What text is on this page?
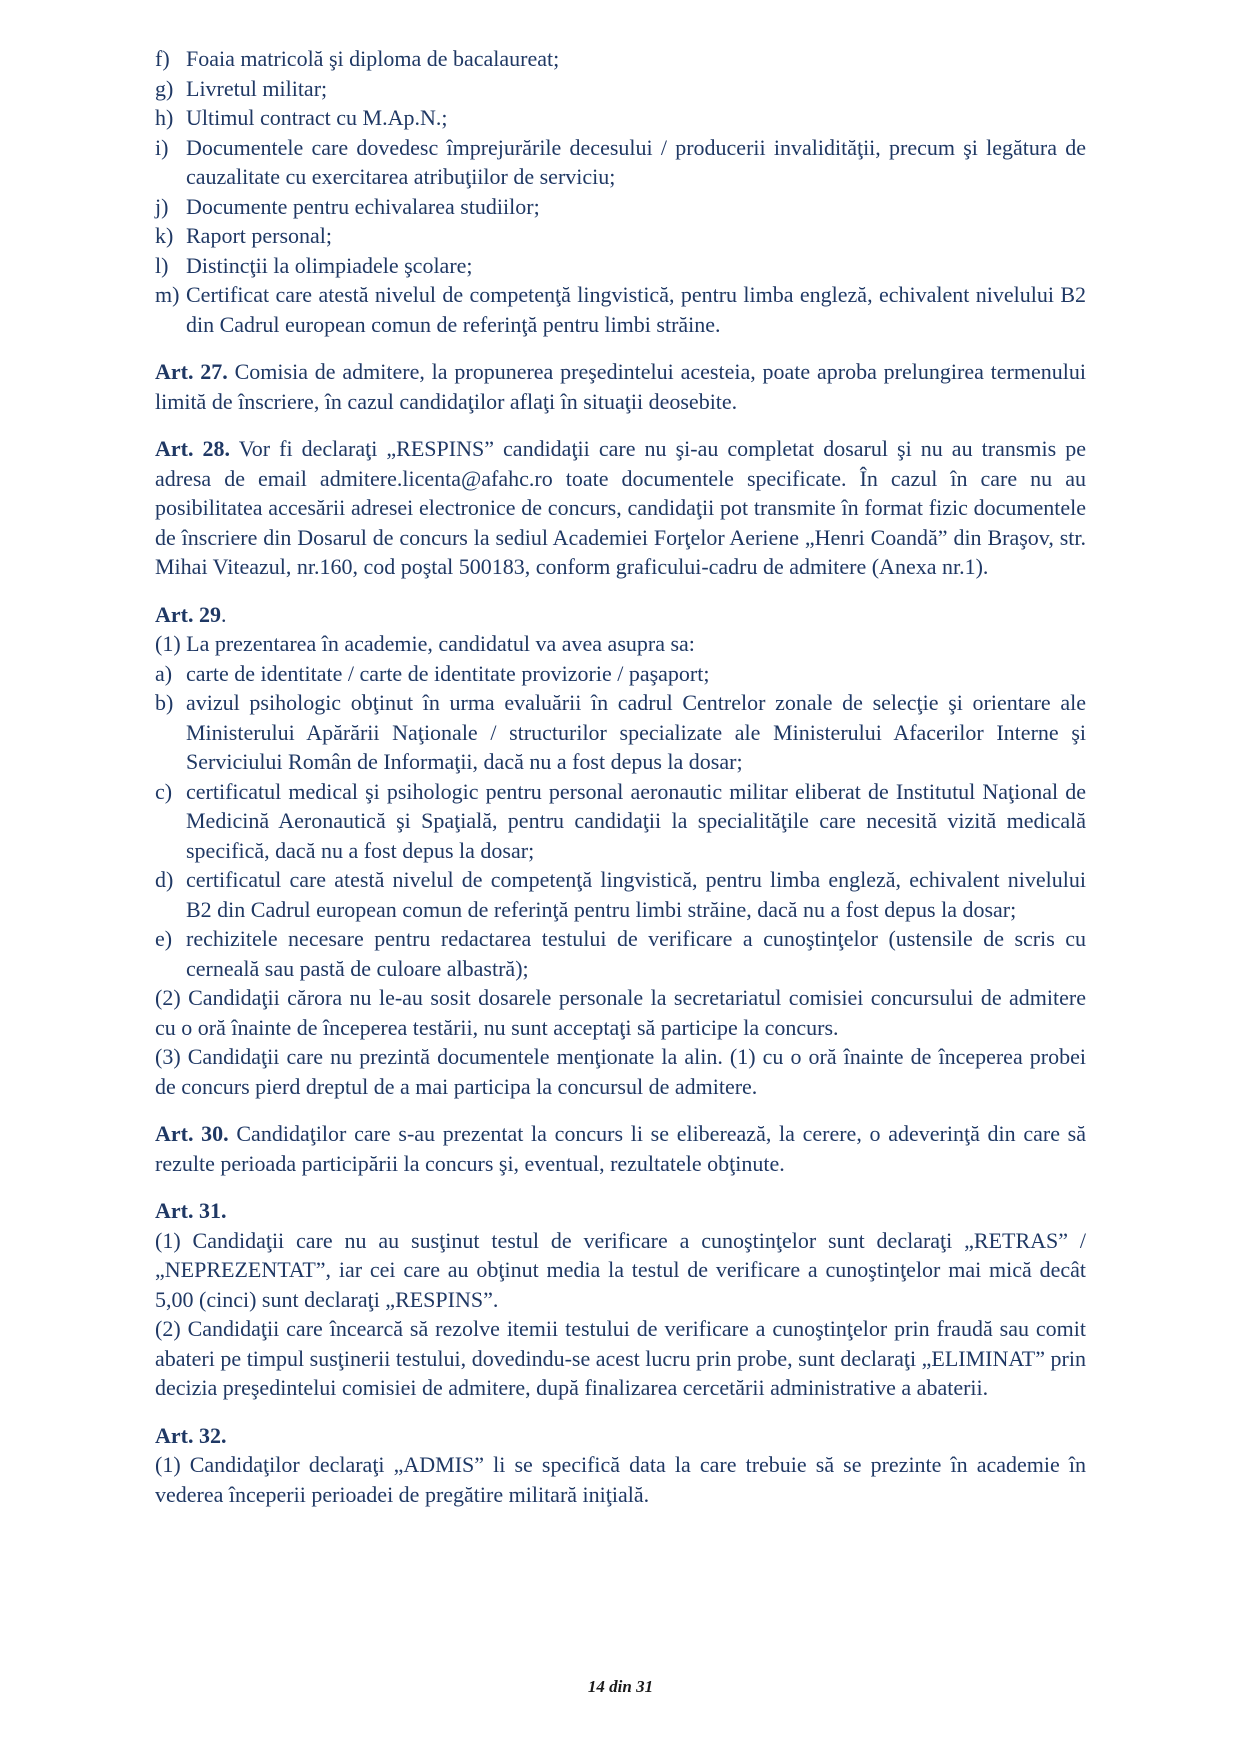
f) Foaia matricolă şi diploma de bacalaureat;
g) Livretul militar;
h) Ultimul contract cu M.Ap.N.;
i) Documentele care dovedesc împrejurările decesului / producerii invalidităţii, precum şi legătura de cauzalitate cu exercitarea atribuţiilor de serviciu;
j) Documente pentru echivalarea studiilor;
k) Raport personal;
l) Distincţii la olimpiadele şcolare;
m) Certificat care atestă nivelul de competenţă lingvistică, pentru limba engleză, echivalent nivelului B2 din Cadrul european comun de referinţă pentru limbi străine.

Art. 27. Comisia de admitere, la propunerea preşedintelui acesteia, poate aproba prelungirea termenului limită de înscriere, în cazul candidaţilor aflaţi în situaţii deosebite.

Art. 28. Vor fi declaraţi „RESPINS” candidaţii care nu şi-au completat dosarul şi nu au transmis pe adresa de email admitere.licenta@afahc.ro toate documentele specificate. În cazul în care nu au posibilitatea accesării adresei electronice de concurs, candidaţii pot transmite în format fizic documentele de înscriere din Dosarul de concurs la sediul Academiei Forţelor Aeriene „Henri Coandă” din Braşov, str. Mihai Viteazul, nr.160, cod poştal 500183, conform graficului-cadru de admitere (Anexa nr.1).

Art. 29.

(1) La prezentarea în academie, candidatul va avea asupra sa:

a) carte de identitate / carte de identitate provizorie / paşaport;
b) avizul psihologic obţinut în urma evaluării în cadrul Centrelor zonale de selecţie şi orientare ale Ministerului Apărării Naţionale / structurilor specializate ale Ministerului Afacerilor Interne şi Serviciului Român de Informaţii, dacă nu a fost depus la dosar;
c) certificatul medical şi psihologic pentru personal aeronautic militar eliberat de Institutul Naţional de Medicină Aeronautică şi Spaţială, pentru candidaţii la specialităţile care necesită vizită medicală specifică, dacă nu a fost depus la dosar;
d) certificatul care atestă nivelul de competenţă lingvistică, pentru limba engleză, echivalent nivelului B2 din Cadrul european comun de referinţă pentru limbi străine, dacă nu a fost depus la dosar;
e) rechizitele necesare pentru redactarea testului de verificare a cunoştinţelor (ustensile de scris cu cerneală sau pastă de culoare albastră);

(2) Candidaţii cărora nu le-au sosit dosarele personale la secretariatul comisiei concursului de admitere cu o oră înainte de începerea testării, nu sunt acceptaţi să participe la concurs.

(3) Candidaţii care nu prezintă documentele menţionate la alin. (1) cu o oră înainte de începerea probei de concurs pierd dreptul de a mai participa la concursul de admitere.

Art. 30. Candidaţilor care s-au prezentat la concurs li se eliberează, la cerere, o adeverinţă din care să rezulte perioada participării la concurs şi, eventual, rezultatele obţinute.

Art. 31.

(1) Candidaţii care nu au susţinut testul de verificare a cunoştinţelor sunt declaraţi „RETRAS” / „NEPREZENTAT”, iar cei care au obţinut media la testul de verificare a cunoştinţelor mai mică decât 5,00 (cinci) sunt declaraţi „RESPINS”.

(2) Candidaţii care încearcă să rezolve itemii testului de verificare a cunoştinţelor prin fraudă sau comit abateri pe timpul susţinerii testului, dovedindu-se acest lucru prin probe, sunt declaraţi „ELIMINAT” prin decizia preşedintelui comisiei de admitere, după finalizarea cercetării administrative a abaterii.

Art. 32.

(1) Candidaţilor declaraţi „ADMIS” li se specifică data la care trebuie să se prezinte în academie în vederea începerii perioadei de pregătire militară iniţială.

14 din 31
